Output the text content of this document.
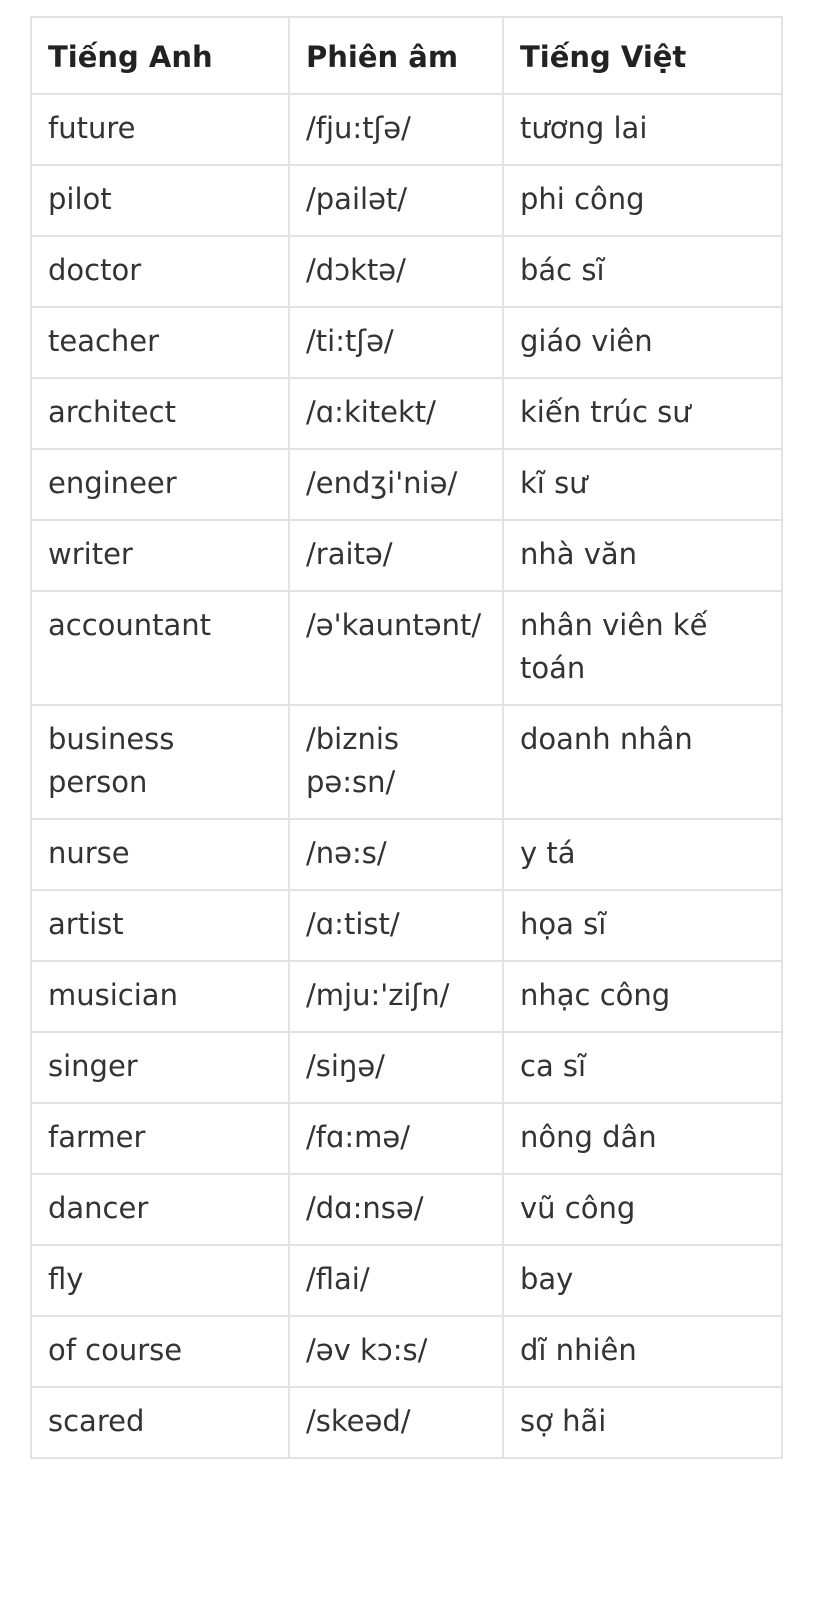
Tiếng Anh	Phiên âm	Tiếng Việt
future	/fju:tʃə/	tương lai
pilot	/pailət/	phi công
doctor	/dɔktə/	bác sĩ
teacher	/ti:tʃə/	giáo viên
architect	/ɑ:kitekt/	kiến trúc sư
engineer	/endʒi'niə/	kĩ sư
writer	/raitə/	nhà văn
accountant	/ə'kauntənt/	nhân viên kế toán
business person	/biznis pə:sn/	doanh nhân
nurse	/nə:s/	y tá
artist	/ɑ:tist/	họa sĩ
musician	/mju:'ziʃn/	nhạc công
singer	/siŋə/	ca sĩ
farmer	/fɑ:mə/	nông dân
dancer	/dɑ:nsə/	vũ công
fly	/flai/	bay
of course	/əv kɔ:s/	dĩ nhiên
scared	/skeəd/	sợ hãi
